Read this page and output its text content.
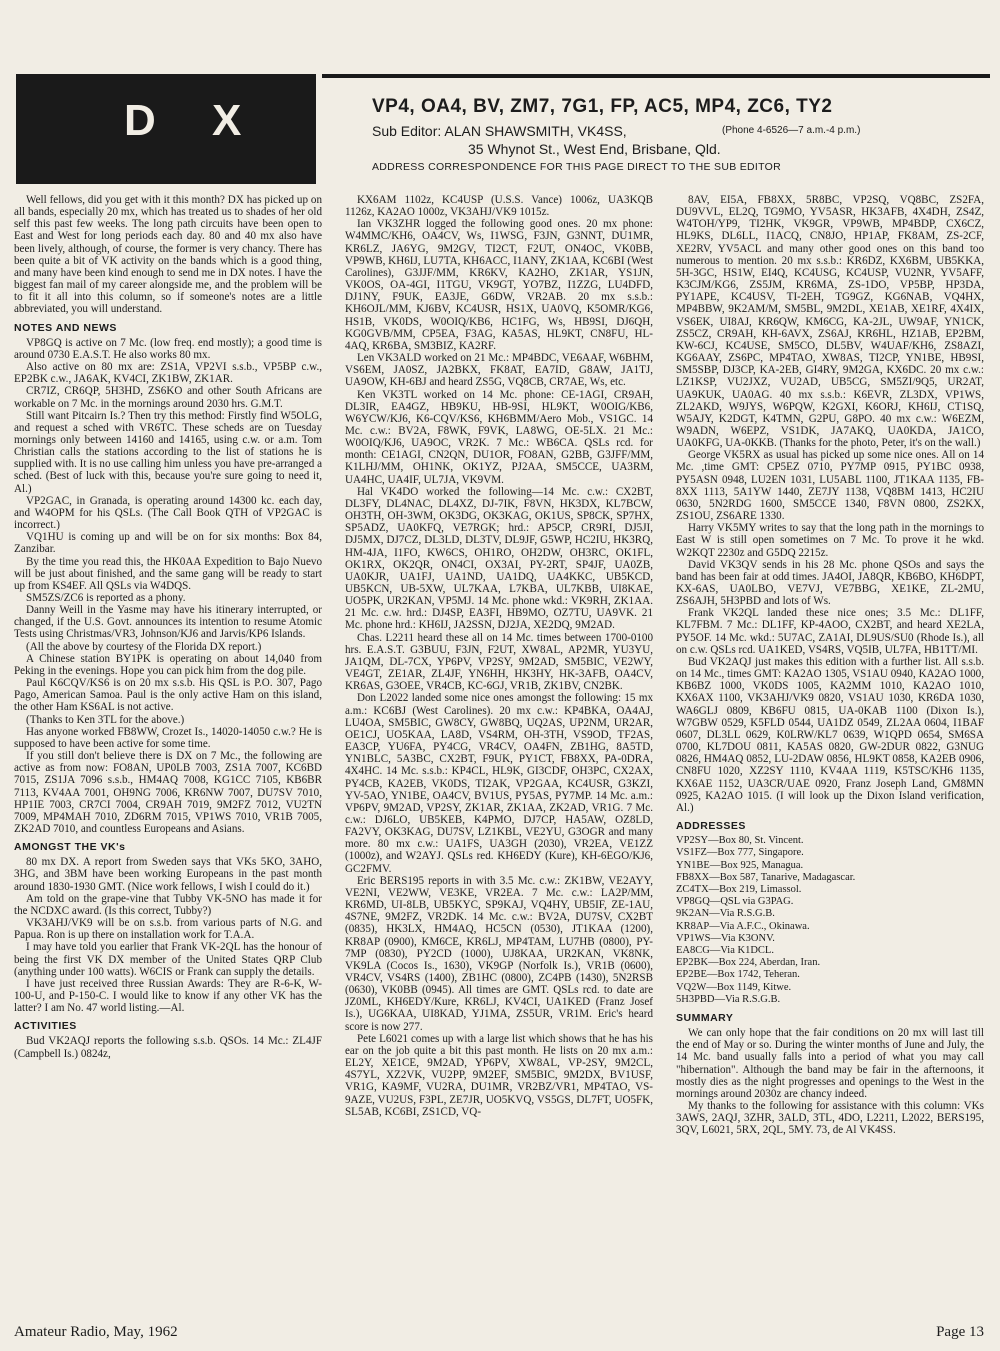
D X	VP4, OA4, BV, ZM7, 7G1, FP, AC5, MP4, ZC6, TY2
Sub Editor: ALAN SHAWSMITH, VK4SS,	(Phone 4-6526—7 a.m.-4 p.m.)
35 Whynot St., West End, Brisbane, Qld.
ADDRESS CORRESPONDENCE FOR THIS PAGE DIRECT TO THE SUB EDITOR

Well fellows, did you get with it this month? DX has picked up on all bands, especially 20 mx, which has treated us to shades of her old self this past few weeks. The long path circuits have been open to East and West for long periods each day. 80 and 40 mx also have been lively, although, of course, the former is very chancy. There has been quite a bit of VK activity on the bands which is a good thing, and many have been kind enough to send me in DX notes. I have the biggest fan mail of my career alongside me, and the problem will be to fit it all into this column, so if someone's notes are a little abbreviated, you will understand.

NOTES AND NEWS

VP8GQ is active on 7 Mc. (low freq. end mostly); a good time is around 0730 E.A.S.T. He also works 80 mx.

Also active on 80 mx are: ZS1A, VP2VI s.s.b., VP5BP c.w., EP2BK c.w., JA6AK, KV4CI, ZK1BW, ZK1AR.

CR7IZ, CR6QP, 5H3HD, ZS6KO and other South Africans are workable on 7 Mc. in the mornings around 2030 hrs. G.M.T.

Still want Pitcairn Is.? Then try this method: Firstly find W5OLG, and request a sched with VR6TC. These scheds are on Tuesday mornings only between 14160 and 14165, using c.w. or a.m. Tom Christian calls the stations according to the list of stations he is supplied with. It is no use calling him unless you have pre-arranged a sched. (Best of luck with this, because you're sure going to need it, Al.)

VP2GAC, in Granada, is operating around 14300 kc. each day, and W4OPM for his QSLs. (The Call Book QTH of VP2GAC is incorrect.)

VQ1HU is coming up and will be on for six months: Box 84, Zanzibar.

By the time you read this, the HK0AA Expedition to Bajo Nuevo will be just about finished, and the same gang will be ready to start up from KS4EF. All QSLs via W4DQS.

SM5ZS/ZC6 is reported as a phony.

Danny Weill in the Yasme may have his itinerary interrupted, or changed, if the U.S. Govt. announces its intention to resume Atomic Tests using Christmas/VR3, Johnson/KJ6 and Jarvis/KP6 Islands.

(All the above by courtesy of the Florida DX report.)

A Chinese station BY1PK is operating on about 14,040 from Peking in the evenings. Hope you can pick him from the dog pile.

Paul K6CQV/KS6 is on 20 mx s.s.b. His QSL is P.O. 307, Pago Pago, American Samoa. Paul is the only active Ham on this island, the other Ham KS6AL is not active.

(Thanks to Ken 3TL for the above.)

Has anyone worked FB8WW, Crozet Is., 14020-14050 c.w.? He is supposed to have been active for some time.

If you still don't believe there is DX on 7 Mc., the following are active as from now: FO8AN, UP0LB 7003, ZS1A 7007, KC6BD 7015, ZS1JA 7096 s.s.b., HM4AQ 7008, KG1CC 7105, KB6BR 7113, KV4AA 7001, OH9NG 7006, KR6NW 7007, DU7SV 7010, HP1IE 7003, CR7CI 7004, CR9AH 7019, 9M2FZ 7012, VU2TN 7009, MP4MAH 7010, ZD6RM 7015, VP1WS 7010, VR1B 7005, ZK2AD 7010, and countless Europeans and Asians.

AMONGST THE VK's

80 mx DX. A report from Sweden says that VKs 5KO, 3AHO, 3HG, and 3BM have been working Europeans in the past month around 1830-1930 GMT. (Nice work fellows, I wish I could do it.)

Am told on the grape-vine that Tubby VK-5NO has made it for the NCDXC award. (Is this correct, Tubby?)

VK3AHJ/VK9 will be on s.s.b. from various parts of N.G. and Papua. Ron is up there on installation work for T.A.A.

I may have told you earlier that Frank VK-2QL has the honour of being the first VK DX member of the United States QRP Club (anything under 100 watts). W6CIS or Frank can supply the details.

I have just received three Russian Awards: They are R-6-K, W-100-U, and P-150-C. I would like to know if any other VK has the latter? I am No. 47 world listing.—Al.

ACTIVITIES

Bud VK2AQJ reports the following s.s.b. QSOs. 14 Mc.: ZL4JF (Campbell Is.) 0824z,

KX6AM 1102z, KC4USP (U.S.S. Vance) 1006z, UA3KQB 1126z, KA2AO 1000z, VK3AHJ/VK9 1015z.

Ian VK3ZHR logged the following good ones. 20 mx phone: W4MMC/KH6, OA4CV, Ws, I1WSG, F3JN, G3NNT, DU1MR, KR6LZ, JA6YG, 9M2GV, TI2CT, F2UT, ON4OC, VK0BB, VP9WB, KH6IJ, LU7TA, KH6ACC, I1ANY, ZK1AA, KC6BI (West Carolines), G3JJF/MM, KR6KV, KA2HO, ZK1AR, YS1JN, VK0OS, OA-4GI, I1TGU, VK9GT, YO7BZ, I1ZZG, LU4DFD, DJ1NY, F9UK, EA3JE, G6DW, VR2AB. 20 mx s.s.b.: KH6OJL/MM, KJ6BV, KC4USR, HS1X, UA0VQ, K5OMR/KG6, HS1B, VK0DS, W0OIQ/KB6, HC1FG, Ws, HB9SI, DJ6QH, KG0GVB/MM, CP5EA, F3AG, KA5AS, HL9KT, CN8FU, HL-4AQ, KR6BA, SM3BIZ, KA2RF.

Len VK3ALD worked on 21 Mc.: MP4BDC, VE6AAF, W6BHM, VS6EM, JA0SZ, JA2BKX, FK8AT, EA7ID, G8AW, JA1TJ, UA9OW, KH-6BJ and heard ZS5G, VQ8CB, CR7AE, Ws, etc.

Ken VK3TL worked on 14 Mc. phone: CE-1AGI, CR9AH, DL3IR, EA4GZ, HB9KU, HB-9SI, HL9KT, W0OIG/KB6, W6YCW/KJ6, K6-CQV/KS6, KH6BMM/Aero Mob., VS1GC. 14 Mc. c.w.: BV2A, F8WK, F9VK, LA8WG, OE-5LX. 21 Mc.: W0OIQ/KJ6, UA9OC, VR2K. 7 Mc.: WB6CA. QSLs rcd. for month: CE1AGI, CN2QN, DU1OR, FO8AN, G2BB, G3JFF/MM, K1LHJ/MM, OH1NK, OK1YZ, PJ2AA, SM5CCE, UA3RM, UA4HC, UA4IF, UL7JA, VK9VM.

Hal VK4DO worked the following—14 Mc. c.w.: CX2BT, DL3FY, DL4NAC, DL4XZ, DJ-7IK, F8VN, HK3DX, KL7BCW, OH3TH, OH-3WM, OK3DG, OK3KAG, OK1US, SP8CK, SP7HX, SP5ADZ, UA0KFQ, VE7RGK; hrd.: AP5CP, CR9RI, DJ5JI, DJ5MX, DJ7CZ, DL3LD, DL3TV, DL9JF, G5WP, HC2IU, HK3RQ, HM-4JA, I1FO, KW6CS, OH1RO, OH2DW, OH3RC, OK1FL, OK1RX, OK2QR, ON4CI, OX3AI, PY-2RT, SP4JF, UA0ZB, UA0KJR, UA1FJ, UA1ND, UA1DQ, UA4KKC, UB5KCD, UB5KCN, UB-5XW, UL7KAA, L7KBA, UL7KBB, UI8KAE, UO5PK, UR2KAN, VP5MJ. 14 Mc. phone wkd.: VK9RH, ZK1AA. 21 Mc. c.w. hrd.: DJ4SP, EA3FI, HB9MO, OZ7TU, UA9VK. 21 Mc. phone hrd.: KH6IJ, JA2SSN, DJ2JA, XE2DQ, 9M2AD.

Chas. L2211 heard these all on 14 Mc. times between 1700-0100 hrs. E.A.S.T. G3BUU, F3JN, F2UT, XW8AL, AP2MR, YU3YU, JA1QM, DL-7CX, YP6PV, VP2SY, 9M2AD, SM5BIC, VE2WY, VE4GT, ZE1AR, ZL4JF, YN6HH, HK3HY, HK-3AFB, OA4CV, KR6AS, G3OEE, VR4CB, KC-6GJ, VR1B, ZK1BV, CN2BK.

Don L2022 landed some nice ones amongst the following: 15 mx a.m.: KC6BJ (West Carolines). 20 mx c.w.: KP4BKA, OA4AJ, LU4OA, SM5BIC, GW8CY, GW8BQ, UQ2AS, UP2NM, UR2AR, OE1CJ, UO5KAA, LA8D, VS4RM, OH-3TH, VS9OD, TF2AS, EA3CP, YU6FA, PY4CG, VR4CV, OA4FN, ZB1HG, 8A5TD, YN1BLC, 5A3BC, CX2BT, F9UK, PY1CT, FB8XX, PA-0DRA, 4X4HC. 14 Mc. s.s.b.: KP4CL, HL9K, GI3CDF, OH3PC, CX2AX, PY4CB, KA2EB, VK0DS, TI2AK, VP2GAA, KC4USR, G3KZI, YV-5AO, YN1BE, OA4CV, BV1US, PY5AS, PY7MP. 14 Mc. a.m.: VP6PV, 9M2AD, VP2SY, ZK1AR, ZK1AA, ZK2AD, VR1G. 7 Mc. c.w.: DJ6LO, UB5KEB, K4PMO, DJ7CP, HA5AW, OZ8LD, FA2VY, OK3KAG, DU7SV, LZ1KBL, VE2YU, G3OGR and many more. 80 mx c.w.: UA1FS, UA3GH (2030), VR2EA, VE1ZZ (1000z), and W2AYJ. QSLs red. KH6EDY (Kure), KH-6EGO/KJ6, GC2FMV.

Eric BERS195 reports in with 3.5 Mc. c.w.: ZK1BW, VE2AYY, VE2NI, VE2WW, VE3KE, VR2EA. 7 Mc. c.w.: LA2P/MM, KR6MD, UI-8LB, UB5KYC, SP9KAJ, VQ4HY, UB5IF, ZE-1AU, 4S7NE, 9M2FZ, VR2DK. 14 Mc. c.w.: BV2A, DU7SV, CX2BT (0835), HK3LX, HM4AQ, HC5CN (0530), JT1KAA (1200), KR8AP (0900), KM6CE, KR6LJ, MP4TAM, LU7HB (0800), PY-7MP (0830), PY2CD (1000), UJ8KAA, UR2KAN, VK8NK, VK9LA (Cocos Is., 1630), VK9GP (Norfolk Is.), VR1B (0600), VR4CV, VS4RS (1400), ZB1HC (0800), ZC4PB (1430), 5N2RSB (0630), VK0BB (0945). All times are GMT. QSLs rcd. to date are JZ0ML, KH6EDY/Kure, KR6LJ, KV4CI, UA1KED (Franz Josef Is.), UG6KAA, UI8KAD, YJ1MA, ZS5UR, VR1M. Eric's heard score is now 277.

Pete L6021 comes up with a large list which shows that he has his ear on the job quite a bit this past month. He lists on 20 mx a.m.: EL2Y, XE1CE, 9M2AD, YP6PV, XW8AL, VP-2SY, 9M2CL, 4S7YL, XZ2VK, VU2PP, 9M2EF, SM5BIC, 9M2DX, BV1USF, VR1G, KA9MF, VU2RA, DU1MR, VR2BZ/VR1, MP4TAO, VS-9AZE, VU2US, F3PL, ZE7JR, UO5KVQ, VS5GS, DL7FT, UO5FK, SL5AB, KC6BI, ZS1CD, VQ-

8AV, EI5A, FB8XX, 5R8BC, VP2SQ, VQ8BC, ZS2FA, DU9VVL, EL2Q, TG9MO, YV5ASR, HK3AFB, 4X4DH, ZS4Z, W4TOH/YP9, TI2HK, VK9GR, VP9WB, MP4BDP, CX6CZ, HL9KS, DL6LL, I1ACQ, CN8JO, HP1AP, FK8AM, ZS-2CF, XE2RV, YV5ACL and many other good ones on this band too numerous to mention. 20 mx s.s.b.: KR6DZ, KX6BM, UB5KKA, 5H-3GC, HS1W, EI4Q, KC4USG, KC4USP, VU2NR, YV5AFF, K3CJM/KG6, ZS5JM, KR6MA, ZS-1DO, VP5BP, HP3DA, PY1APE, KC4USV, TI-2EH, TG9GZ, KG6NAB, VQ4HX, MP4BBW, 9K2AM/M, SM5BL, 9M2DL, XE1AB, XE1RF, 4X4IX, VS6EK, UI8AJ, KR6QW, KM6CG, KA-2JL, UW9AF, YN1CK, ZS5CZ, CR9AH, KH-6AVX, ZS6AJ, KR6HL, HZ1AB, EP2BM, KW-6CJ, KC4USE, SM5CO, DL5BV, W4UAF/KH6, ZS8AZI, KG6AAY, ZS6PC, MP4TAO, XW8AS, TI2CP, YN1BE, HB9SI, SM5SBP, DJ3CP, KA-2EB, GI4RY, 9M2GA, KX6DC. 20 mx c.w.: LZ1KSP, VU2JXZ, VU2AD, UB5CG, SM5ZI/9Q5, UR2AT, UA9KUK, UA0AG. 40 mx s.s.b.: K6EVR, ZL3DX, VP1WS, ZL2AKD, W9JYS, W6PQW, K2GXI, K6ORJ, KH6IJ, CT1SQ, W5AJY, K2DGT, K4TMN, G2PU, G8PO. 40 mx c.w.: W6EZM, W9ADN, W6EPZ, VS1DK, JA7AKQ, UA0KDA, JA1CO, UA0KFG, UA-0KKB. (Thanks for the photo, Peter, it's on the wall.)

George VK5RX as usual has picked up some nice ones. All on 14 Mc. ,time GMT: CP5EZ 0710, PY7MP 0915, PY1BC 0938, PY5ASN 0948, LU2EN 1031, LU5ABL 1100, JT1KAA 1135, FB-8XX 1113, 5A1YW 1440, ZE7JY 1138, VQ8BM 1413, HC2IU 0630, 5N2RDG 1600, SM5CCE 1340, F8VN 0800, ZS2KX, ZS1OU, ZS6ARE 1330.

Harry VK5MY writes to say that the long path in the mornings to East W is still open sometimes on 7 Mc. To prove it he wkd. W2KQT 2230z and G5DQ 2215z.

David VK3QV sends in his 28 Mc. phone QSOs and says the band has been fair at odd times. JA4OI, JA8QR, KB6BO, KH6DPT, KX-6AS, UA0LBO, VE7VJ, VE7BBG, XE1KE, ZL-2MU, ZS6AJH, 5H3PBD and lots of Ws.

Frank VK2QL landed these nice ones; 3.5 Mc.: DL1FF, KL7FBM. 7 Mc.: DL1FF, KP-4AOO, CX2BT, and heard XE2LA, PY5OF. 14 Mc. wkd.: 5U7AC, ZA1AI, DL9US/SU0 (Rhode Is.), all on c.w. QSLs rcd. UA1KED, VS4RS, VQ5IB, UL7FA, HB1TT/MI.

Bud VK2AQJ just makes this edition with a further list. All s.s.b. on 14 Mc., times GMT: KA2AO 1305, VS1AU 0940, KA2AO 1000, KB6BZ 1000, VK0DS 1005, KA2MM 1010, KA2AO 1010, KX6AX 1100, VK3AHJ/VK9 0820, VS1AU 1030, KR6DA 1030, WA6GLJ 0809, KB6FU 0815, UA-0KAB 1100 (Dixon Is.), W7GBW 0529, K5FLD 0544, UA1DZ 0549, ZL2AA 0604, I1BAF 0607, DL3LL 0629, K0LRW/KL7 0639, W1QPD 0654, SM6SA 0700, KL7DOU 0811, KA5AS 0820, GW-2DUR 0822, G3NUG 0826, HM4AQ 0852, LU-2DAW 0856, HL9KT 0858, KA2EB 0906, CN8FU 1020, XZ2SY 1110, KV4AA 1119, K5TSC/KH6 1135, KX6AE 1152, UA3CR/UAE 0920, Franz Joseph Land, GM8MN 0925, KA2AO 1015. (I will look up the Dixon Island verification, Al.)

ADDRESSES
VP2SY—Box 80, St. Vincent.
VS1FZ—Box 777, Singapore.
YN1BE—Box 925, Managua.
FB8XX—Box 587, Tanarive, Madagascar.
ZC4TX—Box 219, Limassol.
VP8GQ—QSL via G3PAG.
9K2AN—Via R.S.G.B.
KR8AP—Via A.F.C., Okinawa.
VP1WS—Via K3ONV.
EA8CG—Via K1DCL.
EP2BK—Box 224, Aberdan, Iran.
EP2BE—Box 1742, Teheran.
VQ2W—Box 1149, Kitwe.
5H3PBD—Via R.S.G.B.
SUMMARY

We can only hope that the fair conditions on 20 mx will last till the end of May or so. During the winter months of June and July, the 14 Mc. band usually falls into a period of what you may call "hibernation". Although the band may be fair in the afternoons, it mostly dies as the night progresses and openings to the West in the mornings around 2030z are chancy indeed.

My thanks to the following for assistance with this column: VKs 3AWS, 2AQJ, 3ZHR, 3ALD, 3TL, 4DO, L2211, L2022, BERS195, 3QV, L6021, 5RX, 2QL, 5MY. 73, de Al VK4SS.

Amateur Radio, May, 1962	Page 13
